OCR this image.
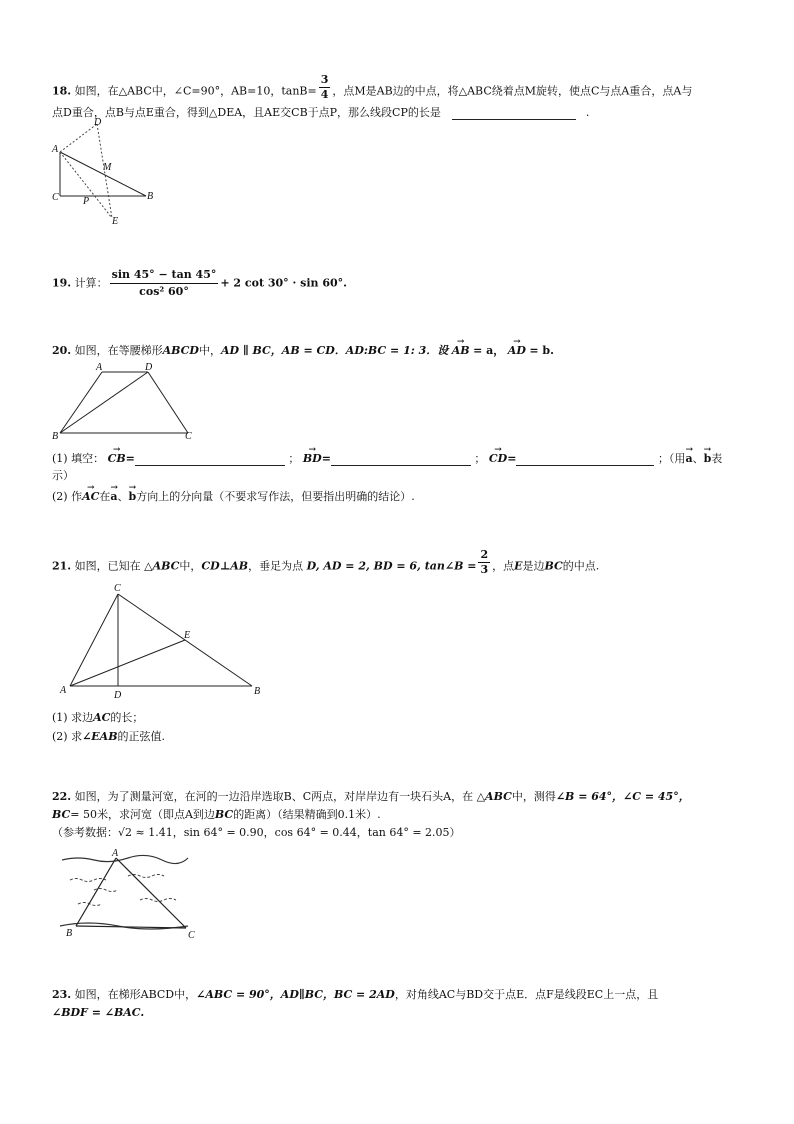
18. 如图，在△ABC中，∠C=90°，AB=10，$\tan B= \frac{3}{4}$ ，点M是AB边的中点，将△ABC绕着点M旋转，使点C与点A重合，点A与
点D重合，点B与点E重合，得到△DEA，且AE交CB于点P，那么线段CP的长是	.
A
C	B
D
M
P
E
19. 计算： $\frac{\sin 45^\circ - \tan 45^\circ}{\text{cos² 60°}} + 2$ cot 30° · sin 60°.
20. 如图，在等腰梯形ABCD中，AD ∥ BC，AB = CD．AD:BC = 1: 3．设 → AB = a， → AD = b.
A	D
B	C
(1) 填空： → CB=	； → BD=	； → CD=	；（用→ a、→ b表
示）
(2) 作→ AC在→ a、→ b方向上的分向量（不要求写作法，但要指出明确的结论）.
21. 如图，已知在 △ABC中，CD⊥AB，垂足为点 D, AD = 2, BD = 6, tan∠B = $\frac{2}{3}$ ，点E是边BC的中点.
C
A	D	B
E
(1) 求边AC的长；
(2) 求∠EAB的正弦值.
22. 如图，为了测量河宽，在河的一边沿岸选取B、C两点，对岸岸边有一块石头A，在 △ABC中，测得∠B = 64°，∠C = 45°，
BC= 50米，求河宽（即点A到边BC的距离）（结果精确到0.1米）.
（参考数据：√2 ≈ 1.41，sin 64° = 0.90，cos 64° = 0.44，tan 64° = 2.05）
A
B	C
23. 如图，在梯形ABCD中，∠ABC = 90°，AD∥BC，BC = 2AD，对角线AC与BD交于点E．点F是线段EC上一点，且
∠BDF = ∠BAC.
